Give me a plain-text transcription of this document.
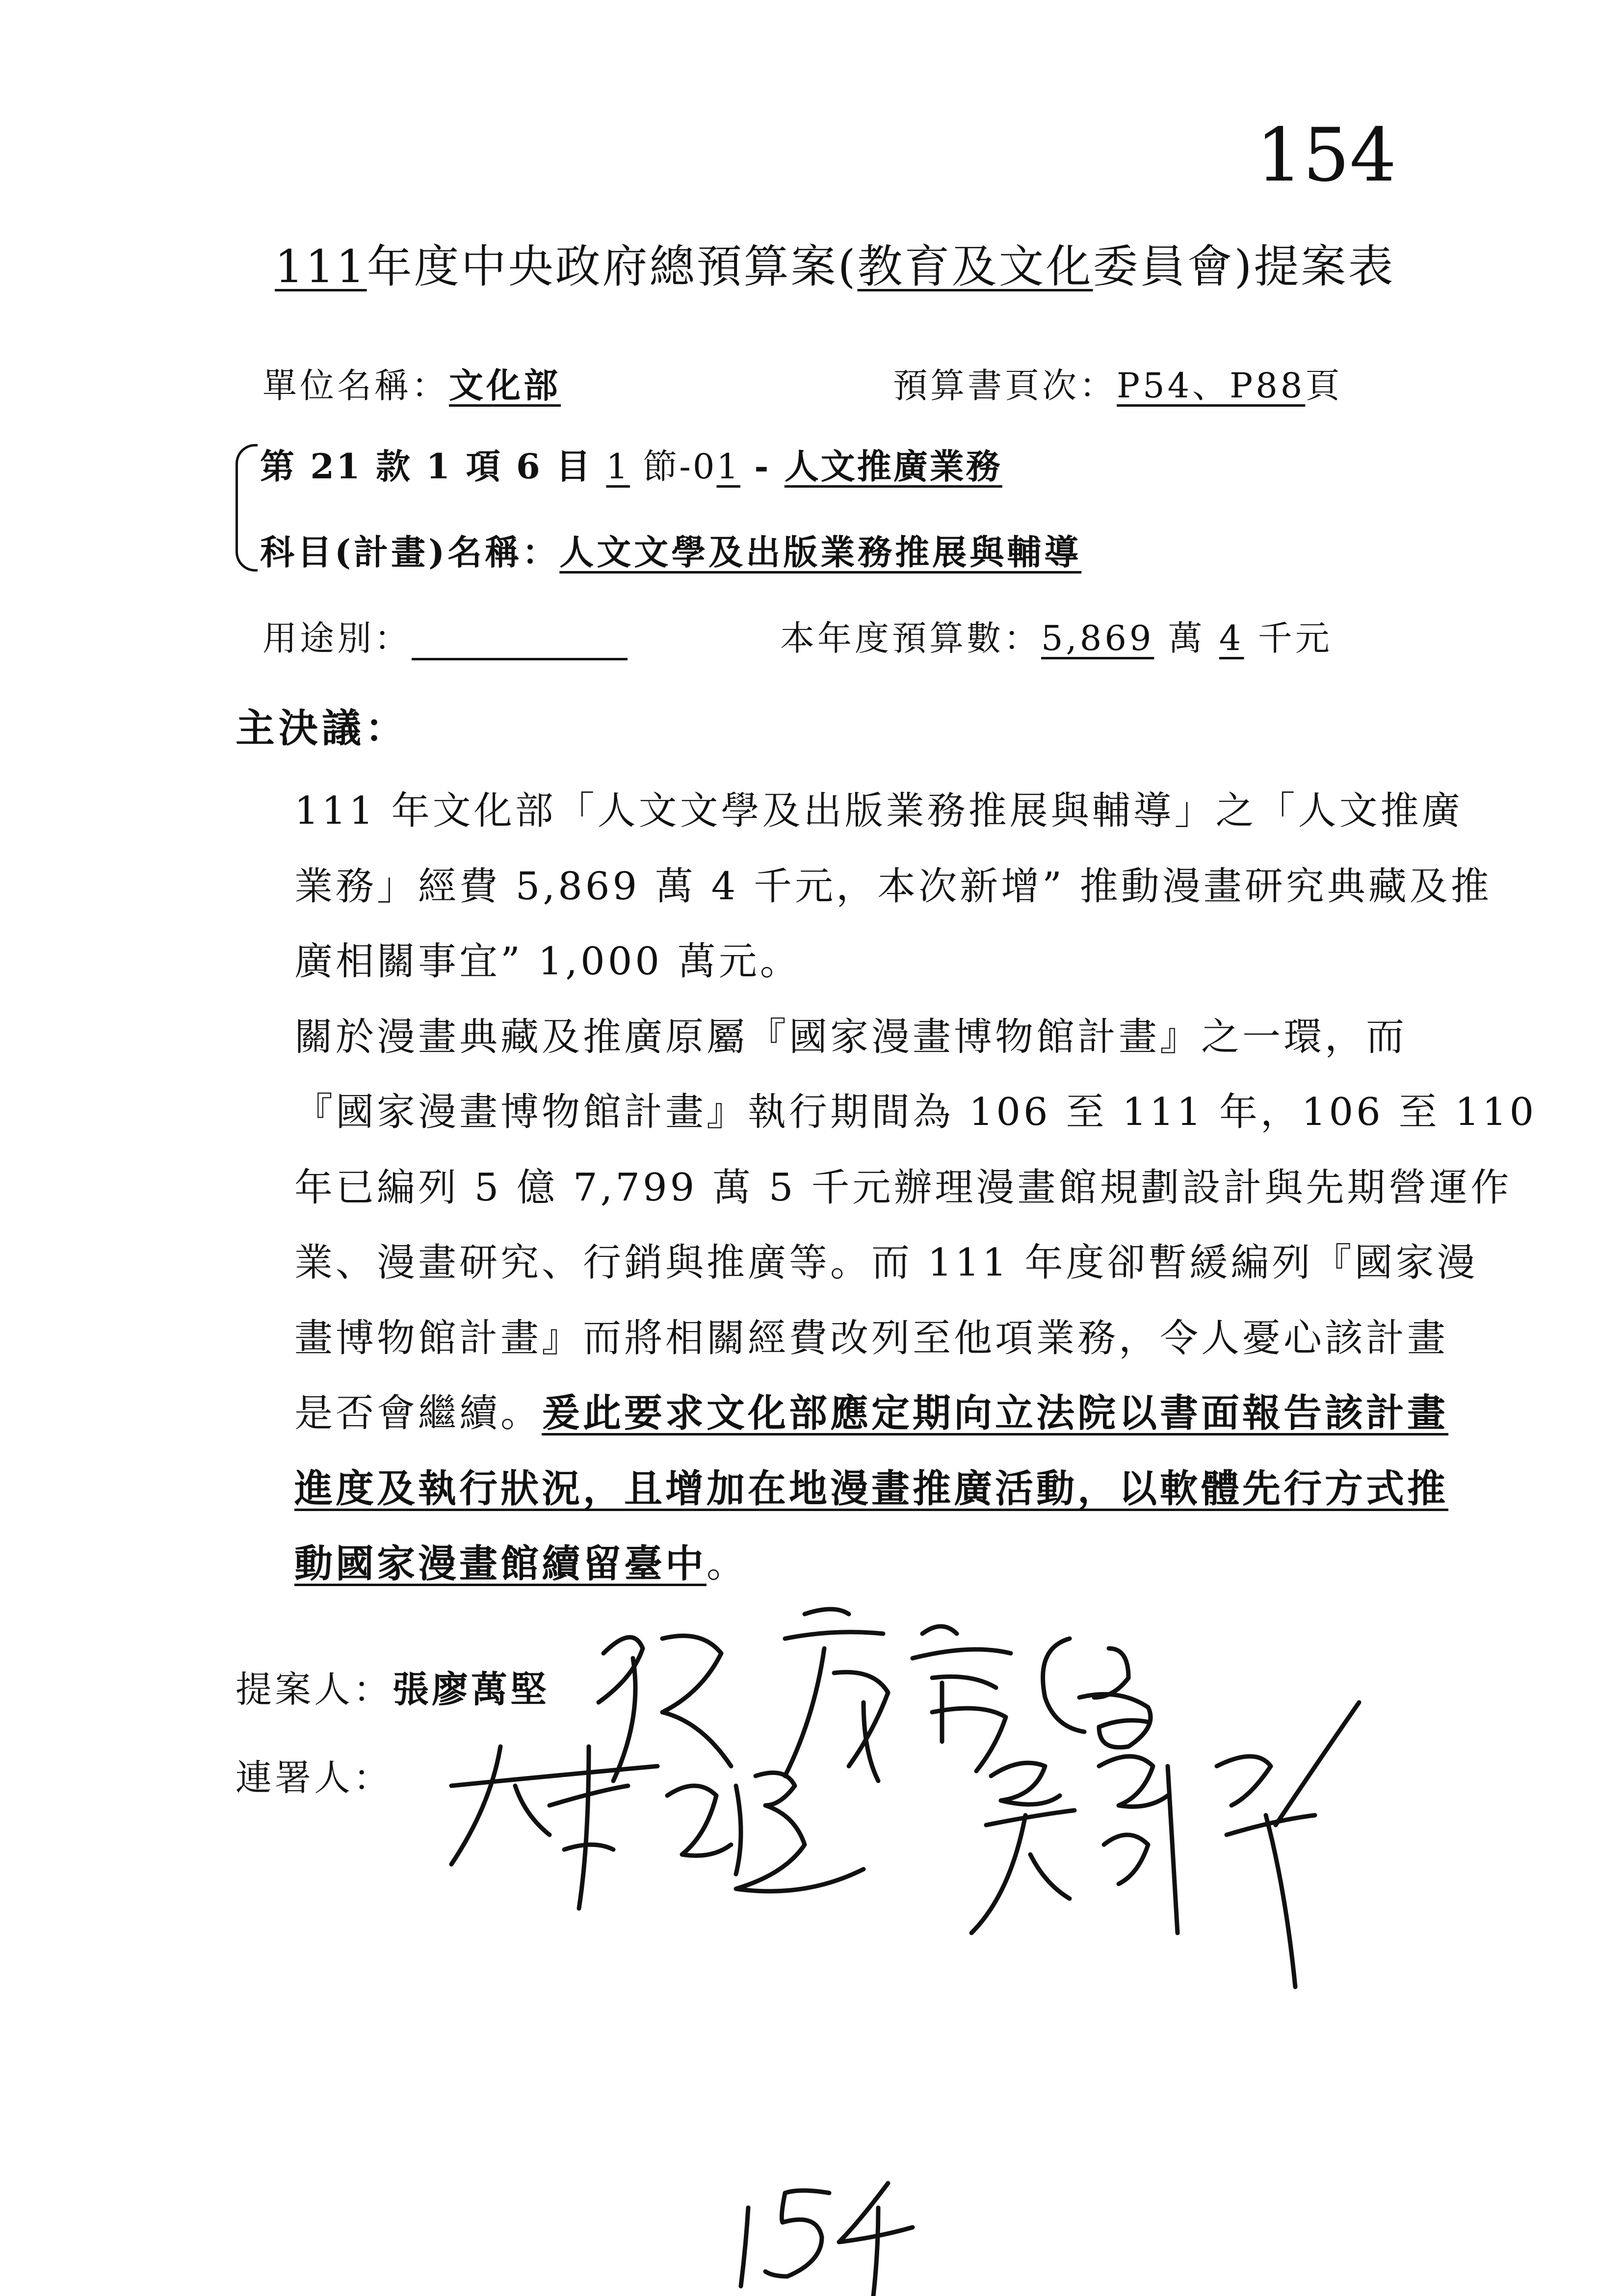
154
111年度中央政府總預算案(教育及文化委員會)提案表
單位名稱：文化部	預算書頁次：P54、P88頁
第 21 款 1 項 6 目 1 節-01 - 人文推廣業務
科目(計畫)名稱：人文文學及出版業務推展與輔導
用途別：	本年度預算數：5,869 萬 4 千元
主決議：
111 年文化部「人文文學及出版業務推展與輔導」之「人文推廣
業務」經費 5,869 萬 4 千元，本次新增” 推動漫畫研究典藏及推
廣相關事宜” 1,000 萬元。
關於漫畫典藏及推廣原屬『國家漫畫博物館計畫』之一環，而
『國家漫畫博物館計畫』執行期間為 106 至 111 年，106 至 110
年已編列 5 億 7,799 萬 5 千元辦理漫畫館規劃設計與先期營運作
業、漫畫研究、行銷與推廣等。而 111 年度卻暫緩編列『國家漫
畫博物館計畫』而將相關經費改列至他項業務，令人憂心該計畫
是否會繼續。爰此要求文化部應定期向立法院以書面報告該計畫
進度及執行狀況，且增加在地漫畫推廣活動，以軟體先行方式推
動國家漫畫館續留臺中。
提案人：張廖萬堅
連署人：
